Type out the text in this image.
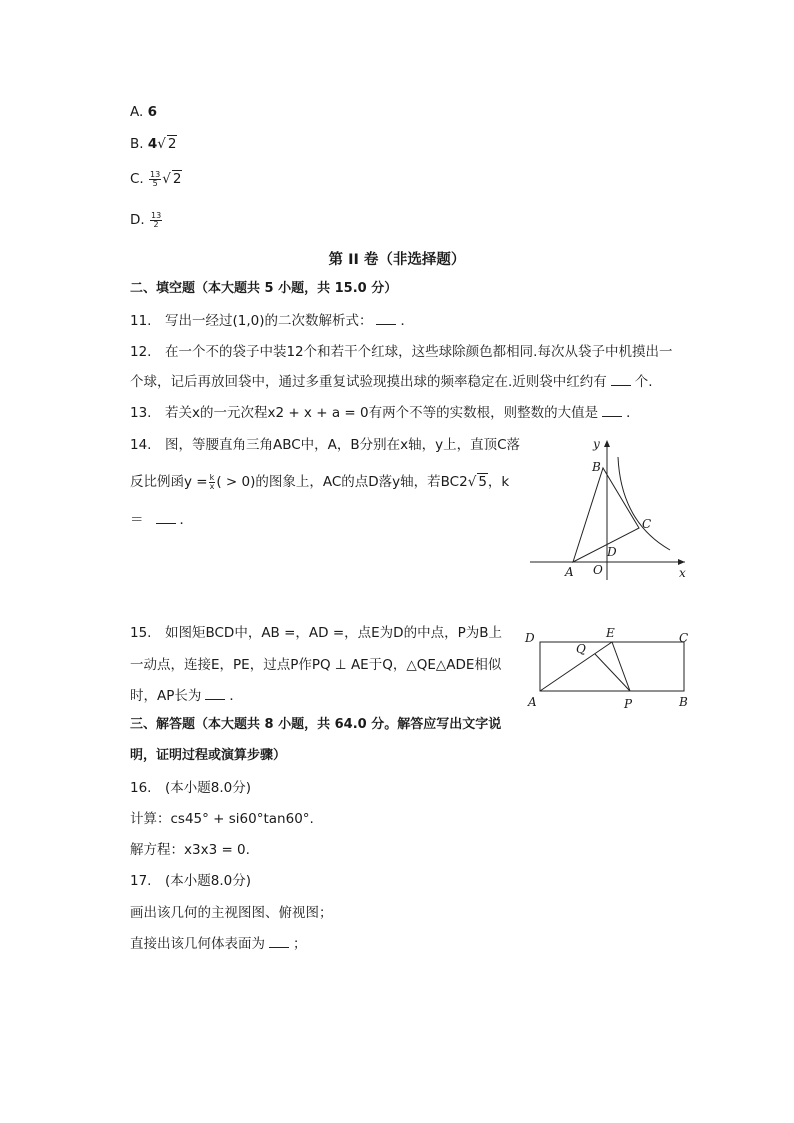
A. 6
B. 4√ 2
C. $\frac{13}{5}$ √ 2
D. $\frac{13}{2}$
第 II 卷（非选择题）
二、填空题（本大题共 5 小题，共 15.0 分）
11.　写出一经过(1,0)的二次数解析式： ．
12.　在一个不的袋子中装12个和若干个红球，这些球除颜色都相同.每次从袋子中机摸出一
个球，记后再放回袋中，通过多重复试验现摸出球的频率稳定在.近则袋中红约有 个.
13.　若关x的一元次程x2 + x + a = 0有两个不等的实数根，则整数的大值是 ．
14.　图，等腰直角三角ABC中，A，B分别在x轴，y上，直顶C落
反比例函$y = \frac{k}{x}$ ( > 0)的图象上，AC的点D落y轴，若BC2√ 5，k
＝	．
y
B
C
D
A O	x
15.　如图矩BCD中，AB =，AD =，点E为D的中点，P为B上
一动点，连接E，PE，过点P作PQ ⊥ AE于Q，△QE△ADE相似
时，AP长为 ．
D	E	C
Q
A	P	B
三、解答题（本大题共 8 小题，共 64.0 分。解答应写出文字说
明，证明过程或演算步骤）
16.　(本小题8.0分)
计算：cs45° + si60°tan60°.
解方程：x3x3 = 0.
17.　(本小题8.0分)
画出该几何的主视图图、俯视图；
直接出该几何体表面为 ；
